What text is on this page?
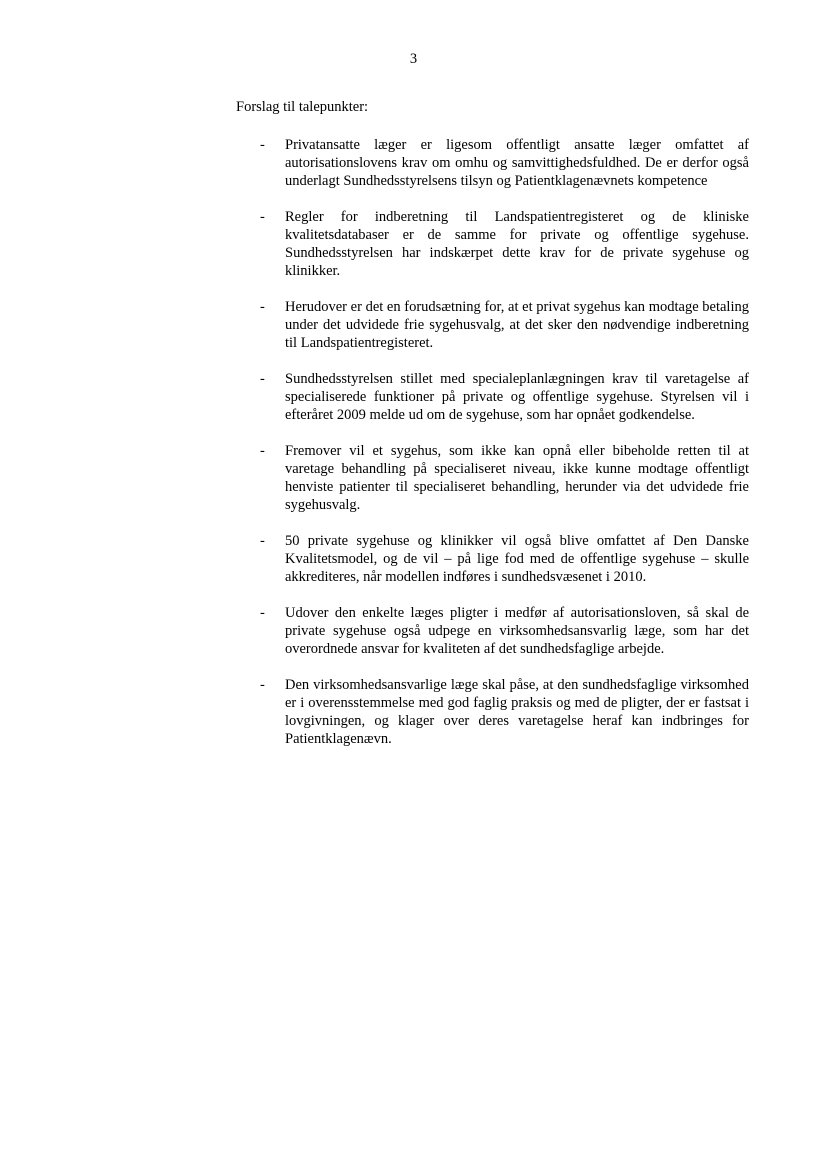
3
Forslag til talepunkter:
- Privatansatte læger er ligesom offentligt ansatte læger omfattet af autorisationslovens krav om omhu og samvittighedsfuldhed. De er derfor også underlagt Sundhedsstyrelsens tilsyn og Patientklagenævnets kompetence
- Regler for indberetning til Landspatientregisteret og de kliniske kvalitetsdatabaser er de samme for private og offentlige sygehuse. Sundhedsstyrelsen har indskærpet dette krav for de private sygehuse og klinikker.
- Herudover er det en forudsætning for, at et privat sygehus kan modtage betaling under det udvidede frie sygehusvalg, at det sker den nødvendige indberetning til Landspatientregisteret.
- Sundhedsstyrelsen stillet med specialeplanlægningen krav til varetagelse af specialiserede funktioner på private og offentlige sygehuse. Styrelsen vil i efteråret 2009 melde ud om de sygehuse, som har opnået godkendelse.
- Fremover vil et sygehus, som ikke kan opnå eller bibeholde retten til at varetage behandling på specialiseret niveau, ikke kunne modtage offentligt henviste patienter til specialiseret behandling, herunder via det udvidede frie sygehusvalg.
- 50 private sygehuse og klinikker vil også blive omfattet af Den Danske Kvalitetsmodel, og de vil – på lige fod med de offentlige sygehuse – skulle akkrediteres, når modellen indføres i sundhedsvæsenet i 2010.
- Udover den enkelte læges pligter i medfør af autorisationsloven, så skal de private sygehuse også udpege en virksomhedsansvarlig læge, som har det overordnede ansvar for kvaliteten af det sundhedsfaglige arbejde.
- Den virksomhedsansvarlige læge skal påse, at den sundhedsfaglige virksomhed er i overensstemmelse med god faglig praksis og med de pligter, der er fastsat i lovgivningen, og klager over deres varetagelse heraf kan indbringes for Patientklagenævn.
